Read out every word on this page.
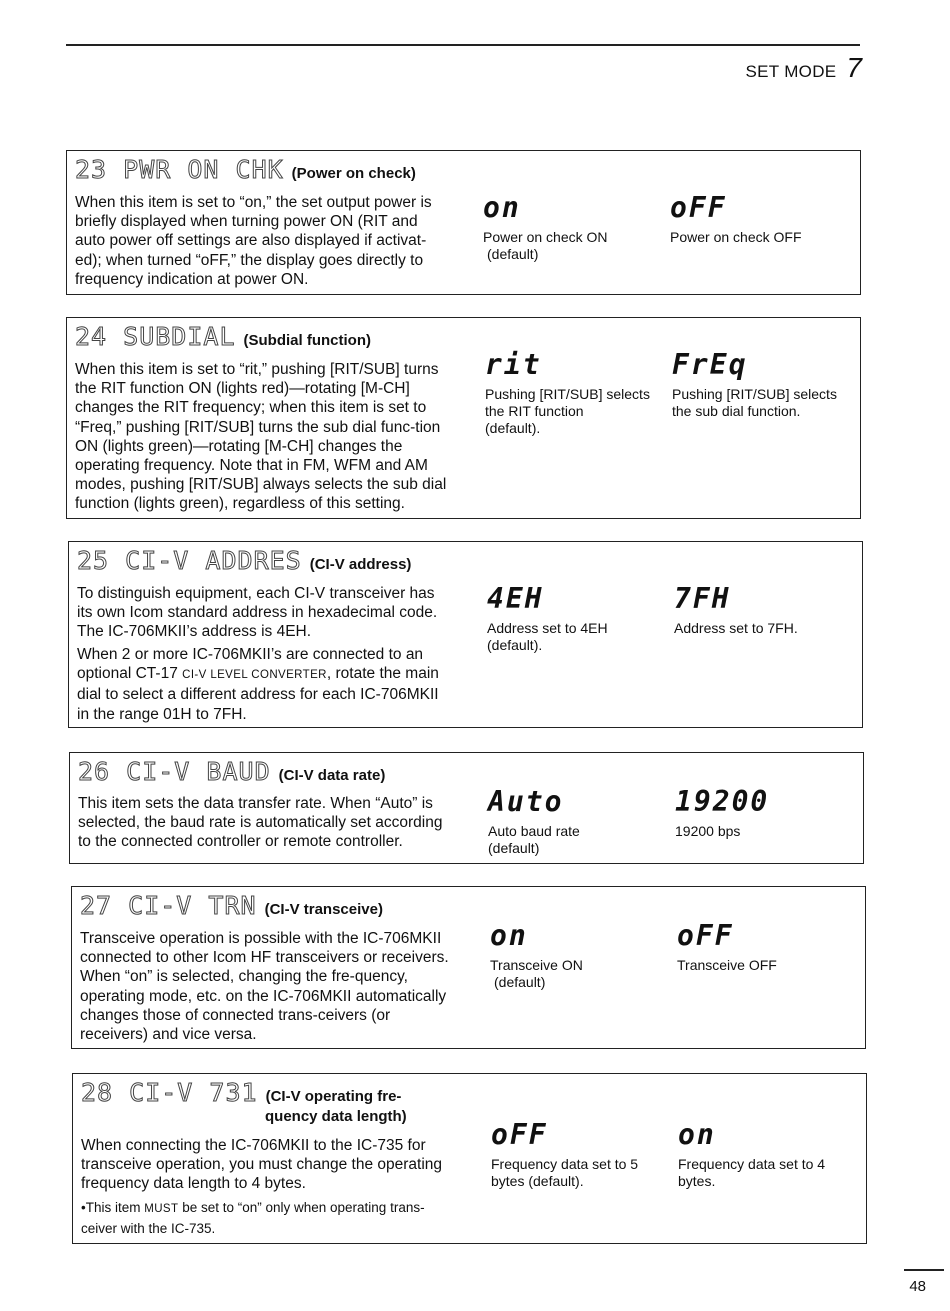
SET MODE 7
23 PWR ON CHK (Power on check)

When this item is set to “on,” the set output power is briefly displayed when turning power ON (RIT and auto power off settings are also displayed if activat-ed); when turned “oFF,” the display goes directly to frequency indication at power ON.

on
Power on check ON
(default)
oFF
Power on check OFF
24 SUBDIAL (Subdial function)

When this item is set to “rit,” pushing [RIT/SUB] turns the RIT function ON (lights red)—rotating [M-CH] changes the RIT frequency; when this item is set to “Freq,” pushing [RIT/SUB] turns the sub dial func-tion ON (lights green)—rotating [M-CH] changes the operating frequency. Note that in FM, WFM and AM modes, pushing [RIT/SUB] always selects the sub dial function (lights green), regardless of this setting.

rit
Pushing [RIT/SUB] selects the RIT function
(default).
FrEq
Pushing [RIT/SUB] selects the sub dial function.
25 CI-V ADDRES (CI-V address)

To distinguish equipment, each CI-V transceiver has its own Icom standard address in hexadecimal code. The IC-706MKII’s address is 4EH.

When 2 or more IC-706MKII’s are connected to an optional CT-17 CI-V LEVEL CONVERTER, rotate the main dial to select a different address for each IC-706MKII in the range 01H to 7FH.

4EH
Address set to 4EH
(default).
7FH
Address set to 7FH.
26 CI-V BAUD (CI-V data rate)

This item sets the data transfer rate. When “Auto” is selected, the baud rate is automatically set according to the connected controller or remote controller.

Auto
Auto baud rate
(default)
19200
19200 bps
27 CI-V TRN (CI-V transceive)

Transceive operation is possible with the IC-706MKII connected to other Icom HF transceivers or receivers. When “on” is selected, changing the fre-quency, operating mode, etc. on the IC-706MKII automatically changes those of connected trans-ceivers (or receivers) and vice versa.

on
Transceive ON
(default)
oFF
Transceive OFF
28 CI-V 731 (CI-V operating fre-
quency data length)

When connecting the IC-706MKII to the IC-735 for transceive operation, you must change the operating frequency data length to 4 bytes.

•This item MUST be set to “on” only when operating trans-ceiver with the IC-735.

oFF
Frequency data set to 5 bytes (default).
on
Frequency data set to 4 bytes.
48
